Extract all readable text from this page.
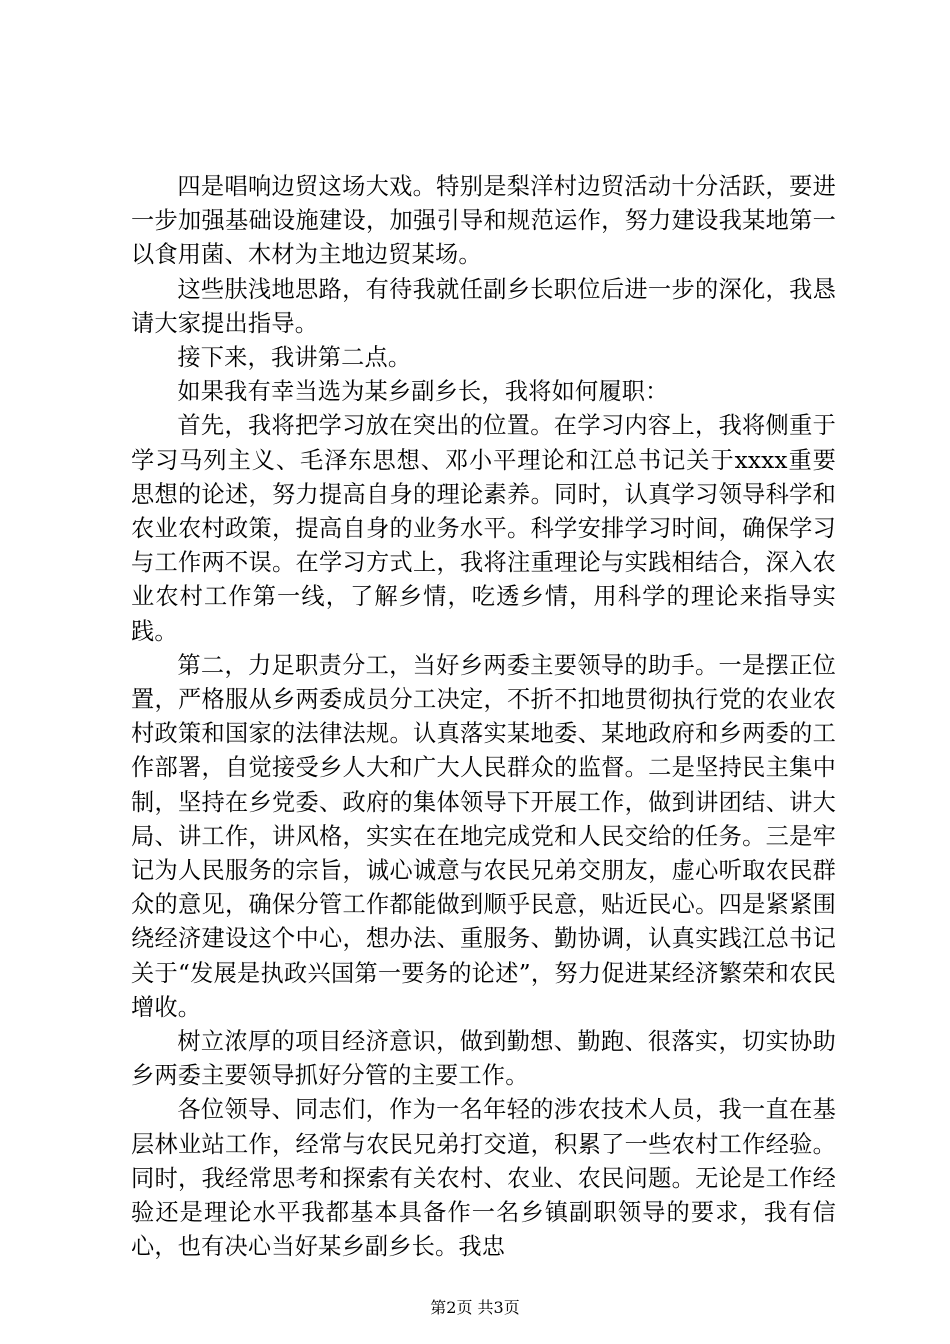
四是唱响边贸这场大戏。特别是梨洋村边贸活动十分活跃，要进一步加强基础设施建设，加强引导和规范运作，努力建设我某地第一以食用菌、木材为主地边贸某场。

这些肤浅地思路，有待我就任副乡长职位后进一步的深化，我恳请大家提出指导。

接下来，我讲第二点。

如果我有幸当选为某乡副乡长，我将如何履职：

首先，我将把学习放在突出的位置。在学习内容上，我将侧重于学习马列主义、毛泽东思想、邓小平理论和江总书记关于xxxx重要思想的论述，努力提高自身的理论素养。同时，认真学习领导科学和农业农村政策，提高自身的业务水平。科学安排学习时间，确保学习与工作两不误。在学习方式上，我将注重理论与实践相结合，深入农业农村工作第一线，了解乡情，吃透乡情，用科学的理论来指导实践。

第二，力足职责分工，当好乡两委主要领导的助手。一是摆正位置，严格服从乡两委成员分工决定，不折不扣地贯彻执行党的农业农村政策和国家的法律法规。认真落实某地委、某地政府和乡两委的工作部署，自觉接受乡人大和广大人民群众的监督。二是坚持民主集中制，坚持在乡党委、政府的集体领导下开展工作，做到讲团结、讲大局、讲工作，讲风格，实实在在地完成党和人民交给的任务。三是牢记为人民服务的宗旨，诚心诚意与农民兄弟交朋友，虚心听取农民群众的意见，确保分管工作都能做到顺乎民意，贴近民心。四是紧紧围绕经济建设这个中心，想办法、重服务、勤协调，认真实践江总书记关于“发展是执政兴国第一要务的论述”，努力促进某经济繁荣和农民增收。

树立浓厚的项目经济意识，做到勤想、勤跑、很落实，切实协助乡两委主要领导抓好分管的主要工作。

各位领导、同志们，作为一名年轻的涉农技术人员，我一直在基层林业站工作，经常与农民兄弟打交道，积累了一些农村工作经验。同时，我经常思考和探索有关农村、农业、农民问题。无论是工作经验还是理论水平我都基本具备作一名乡镇副职领导的要求，我有信心，也有决心当好某乡副乡长。我忠

第2页 共3页
